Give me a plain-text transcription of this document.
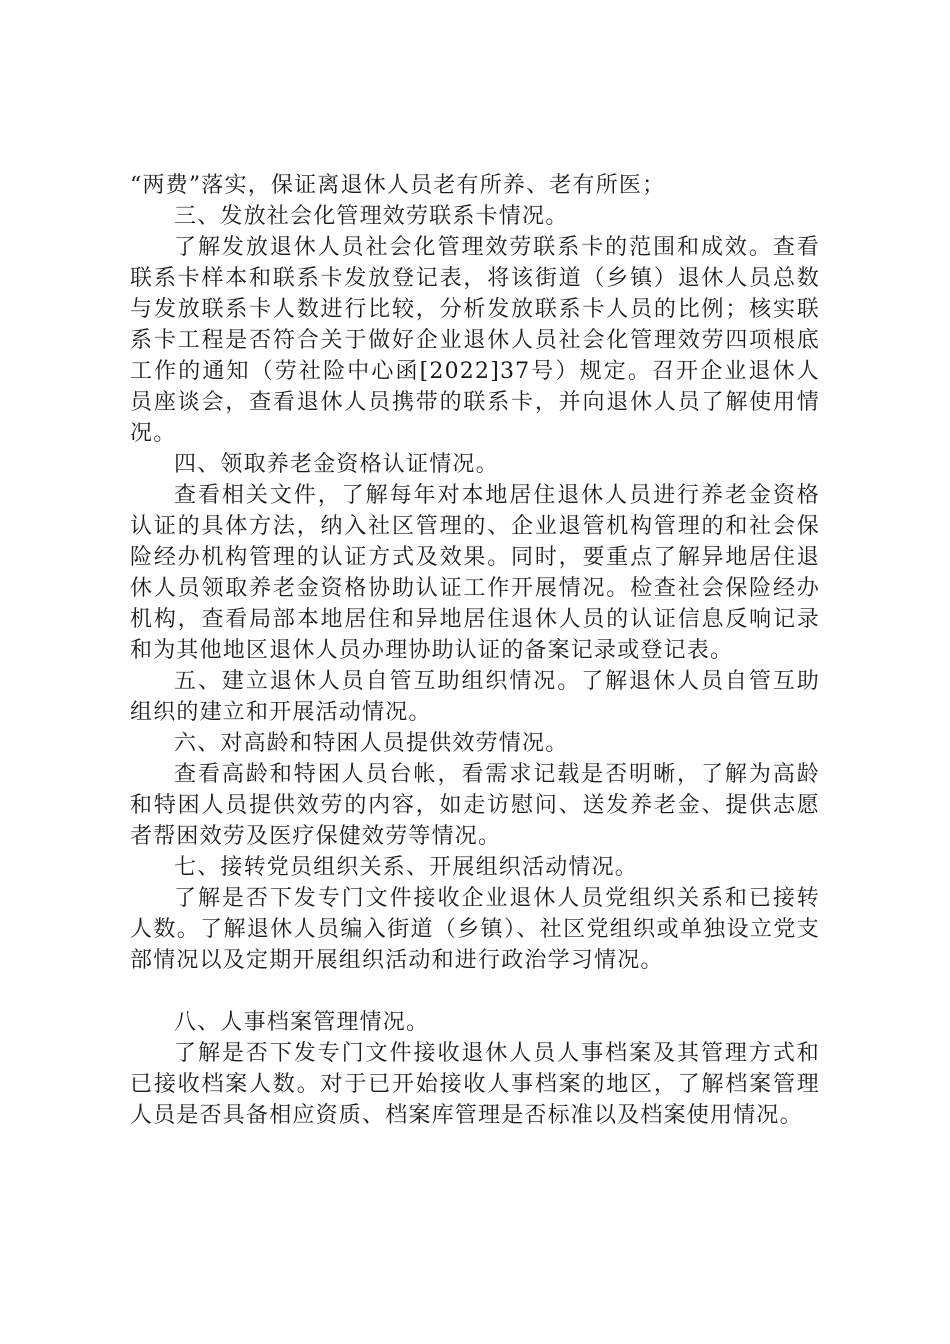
“两费”落实，保证离退休人员老有所养、老有所医；

三、发放社会化管理效劳联系卡情况。

了解发放退休人员社会化管理效劳联系卡的范围和成效。查看联系卡样本和联系卡发放登记表，将该街道（乡镇）退休人员总数与发放联系卡人数进行比较，分析发放联系卡人员的比例；核实联系卡工程是否符合关于做好企业退休人员社会化管理效劳四项根底工作的通知（劳社险中心函[2022]37号）规定。召开企业退休人员座谈会，查看退休人员携带的联系卡，并向退休人员了解使用情况。

四、领取养老金资格认证情况。

查看相关文件，了解每年对本地居住退休人员进行养老金资格认证的具体方法，纳入社区管理的、企业退管机构管理的和社会保险经办机构管理的认证方式及效果。同时，要重点了解异地居住退休人员领取养老金资格协助认证工作开展情况。检查社会保险经办机构，查看局部本地居住和异地居住退休人员的认证信息反响记录和为其他地区退休人员办理协助认证的备案记录或登记表。

五、建立退休人员自管互助组织情况。了解退休人员自管互助组织的建立和开展活动情况。

六、对高龄和特困人员提供效劳情况。

查看高龄和特困人员台帐，看需求记载是否明晰，了解为高龄和特困人员提供效劳的内容，如走访慰问、送发养老金、提供志愿者帮困效劳及医疗保健效劳等情况。

七、接转党员组织关系、开展组织活动情况。

了解是否下发专门文件接收企业退休人员党组织关系和已接转人数。了解退休人员编入街道（乡镇）、社区党组织或单独设立党支部情况以及定期开展组织活动和进行政治学习情况。

八、人事档案管理情况。

了解是否下发专门文件接收退休人员人事档案及其管理方式和已接收档案人数。对于已开始接收人事档案的地区，了解档案管理人员是否具备相应资质、档案库管理是否标准以及档案使用情况。
